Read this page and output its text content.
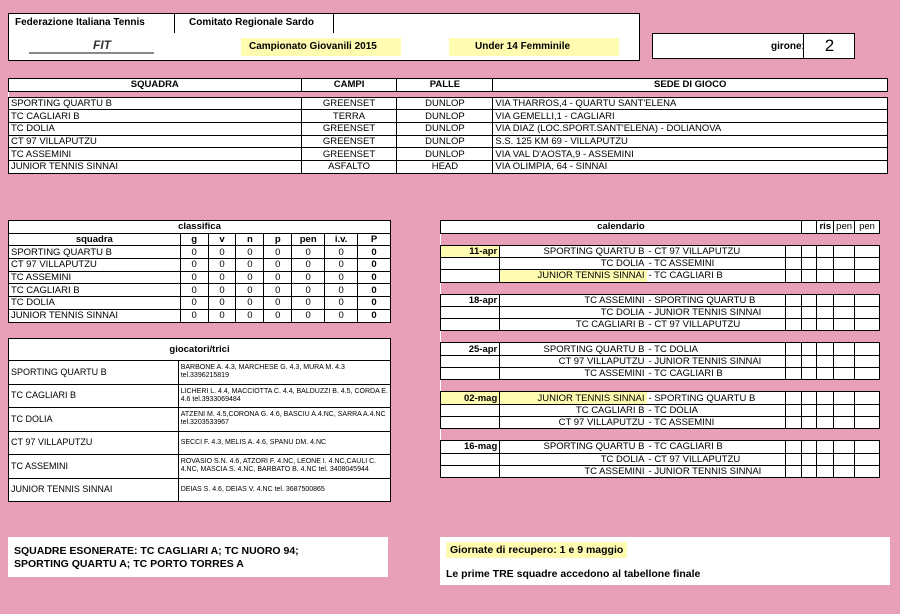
Federazione Italiana Tennis	Comitato Regionale Sardo
FIT	Campionato Giovanili 2015	Under 14 Femminile	girone:	2
SQUADRA	CAMPI	PALLE	SEDE DI GIOCO

SPORTING QUARTU B	GREENSET	DUNLOP	VIA THARROS,4 - QUARTU SANT'ELENA
TC CAGLIARI B	TERRA	DUNLOP	VIA GEMELLI,1 - CAGLIARI
TC DOLIA	GREENSET	DUNLOP	VIA DIAZ (LOC.SPORT.SANT'ELENA) - DOLIANOVA
CT 97 VILLAPUTZU	GREENSET	DUNLOP	S.S. 125 KM 69 - VILLAPUTZU
TC ASSEMINI	GREENSET	DUNLOP	VIA VAL D'AOSTA,9 - ASSEMINI
JUNIOR TENNIS SINNAI	ASFALTO	HEAD	VIA OLIMPIA, 64 - SINNAI
classifica							
squadra	g	v	n	p	pen	i.v.	P
SPORTING QUARTU B	0	0	0	0	0	0	0
CT 97 VILLAPUTZU	0	0	0	0	0	0	0
TC ASSEMINI	0	0	0	0	0	0	0
TC CAGLIARI B	0	0	0	0	0	0	0
TC DOLIA	0	0	0	0	0	0	0
JUNIOR TENNIS SINNAI	0	0	0	0	0	0	0
giocatori/trici	
SPORTING QUARTU B	BARBONE A. 4.3, MARCHESE G. 4.3, MURA M. 4.3 tel.3396215819
TC CAGLIARI B	LICHERI L. 4.4, MACCIOTTA C. 4.4, BALDUZZI B. 4.5, CORDA E. 4.6 tel.3933069484
TC DOLIA	ATZENI M. 4.5,CORONA G. 4.6, BASCIU A.4.NC, SARRA A.4.NC tel.3203533967
CT 97 VILLAPUTZU	SECCI F. 4.3, MELIS A. 4.6, SPANU DM. 4.NC
TC ASSEMINI	ROVASIO S.N. 4.6, ATZORI F. 4.NC, LEONE I. 4.NC,CAULI C. 4.NC, MASCIA S. 4.NC, BARBATO B. 4.NC tel. 3408045944
JUNIOR TENNIS SINNAI	DEIAS S. 4.6, DEIAS V. 4.NC tel. 3687500865
calendario					ris	pen	pen

11-apr	SPORTING QUARTU B	- CT 97 VILLAPUTZU					
	TC DOLIA	- TC ASSEMINI					
	JUNIOR TENNIS SINNAI	- TC CAGLIARI B					

18-apr	TC ASSEMINI	- SPORTING QUARTU B					
	TC DOLIA	- JUNIOR TENNIS SINNAI					
	TC CAGLIARI B	- CT 97 VILLAPUTZU					

25-apr	SPORTING QUARTU B	- TC DOLIA					
	CT 97 VILLAPUTZU	- JUNIOR TENNIS SINNAI					
	TC ASSEMINI	- TC CAGLIARI B					

02-mag	JUNIOR TENNIS SINNAI	- SPORTING QUARTU B					
	TC CAGLIARI B	- TC DOLIA					
	CT 97 VILLAPUTZU	- TC ASSEMINI					

16-mag	SPORTING QUARTU B	- TC CAGLIARI B					
	TC DOLIA	- CT 97 VILLAPUTZU					
	TC ASSEMINI	- JUNIOR TENNIS SINNAI					
SQUADRE ESONERATE: TC CAGLIARI A; TC NUORO 94;
SPORTING QUARTU A; TC PORTO TORRES A
Giornate di recupero: 1 e 9 maggio
Le prime TRE squadre accedono al tabellone finale
